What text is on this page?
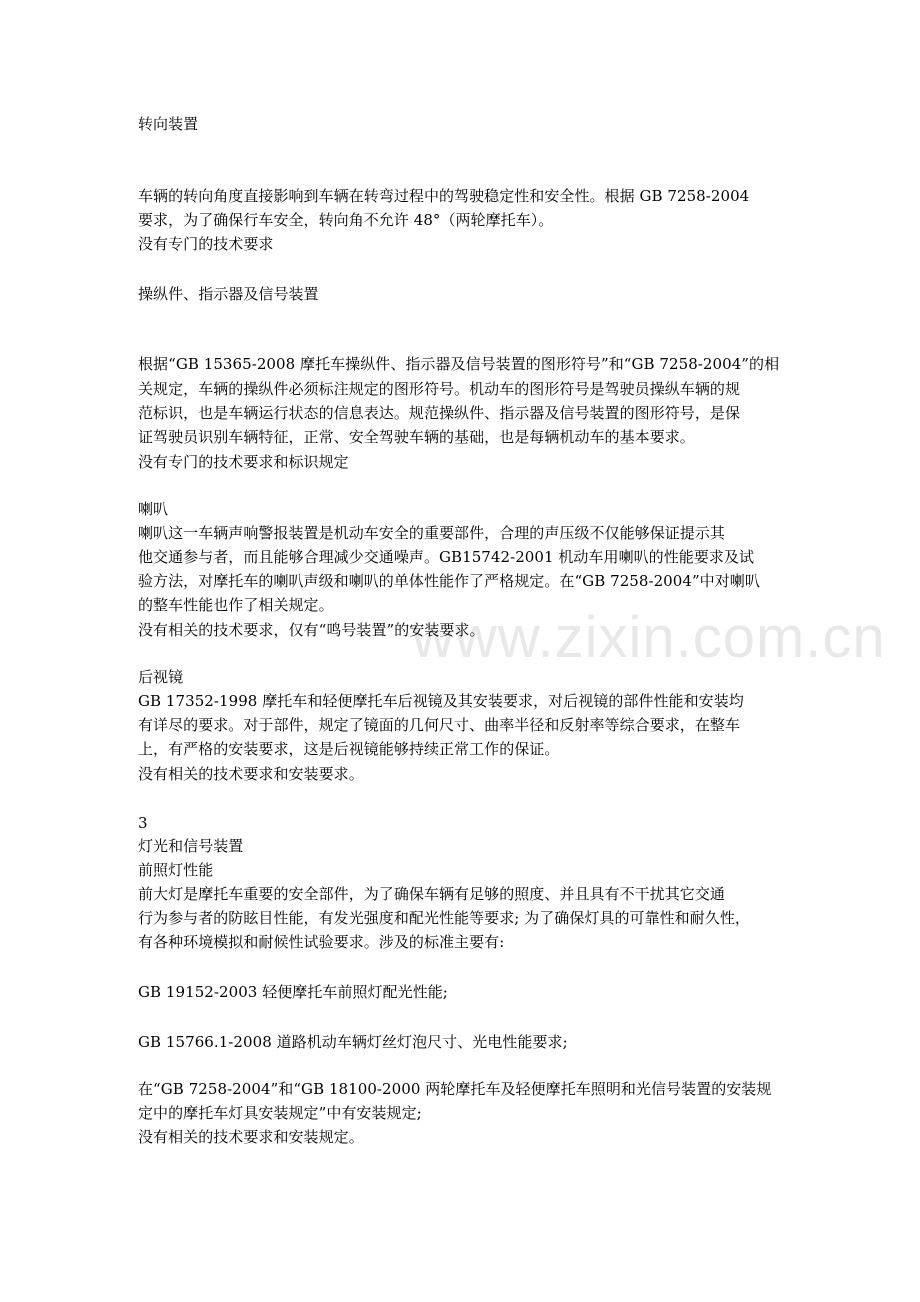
www.zixin.com.cn
转向装置
车辆的转向角度直接影响到车辆在转弯过程中的驾驶稳定性和安全性。根据 GB 7258-2004
要求，为了确保行车安全，转向角不允许 48°（两轮摩托车）。
没有专门的技术要求
操纵件、指示器及信号装置
根据“GB 15365-2008 摩托车操纵件、指示器及信号装置的图形符号”和“GB 7258-2004”的相
关规定，车辆的操纵件必须标注规定的图形符号。机动车的图形符号是驾驶员操纵车辆的规
范标识，也是车辆运行状态的信息表达。规范操纵件、指示器及信号装置的图形符号，是保
证驾驶员识别车辆特征，正常、安全驾驶车辆的基础，也是每辆机动车的基本要求。
没有专门的技术要求和标识规定
喇叭
喇叭这一车辆声响警报装置是机动车安全的重要部件，合理的声压级不仅能够保证提示其
他交通参与者，而且能够合理减少交通噪声。GB15742-2001 机动车用喇叭的性能要求及试
验方法，对摩托车的喇叭声级和喇叭的单体性能作了严格规定。在“GB 7258-2004”中对喇叭
的整车性能也作了相关规定。
没有相关的技术要求，仅有“鸣号装置”的安装要求。
后视镜
GB 17352-1998 摩托车和轻便摩托车后视镜及其安装要求，对后视镜的部件性能和安装均
有详尽的要求。对于部件，规定了镜面的几何尺寸、曲率半径和反射率等综合要求，在整车
上，有严格的安装要求，这是后视镜能够持续正常工作的保证。
没有相关的技术要求和安装要求。
3
灯光和信号装置
前照灯性能
前大灯是摩托车重要的安全部件，为了确保车辆有足够的照度、并且具有不干扰其它交通
行为参与者的防眩目性能，有发光强度和配光性能等要求; 为了确保灯具的可靠性和耐久性，
有各种环境模拟和耐候性试验要求。涉及的标准主要有:
GB 19152-2003 轻便摩托车前照灯配光性能;
GB 15766.1-2008 道路机动车辆灯丝灯泡尺寸、光电性能要求;
在“GB 7258-2004”和“GB 18100-2000 两轮摩托车及轻便摩托车照明和光信号装置的安装规
定中的摩托车灯具安装规定”中有安装规定;
没有相关的技术要求和安装规定。
